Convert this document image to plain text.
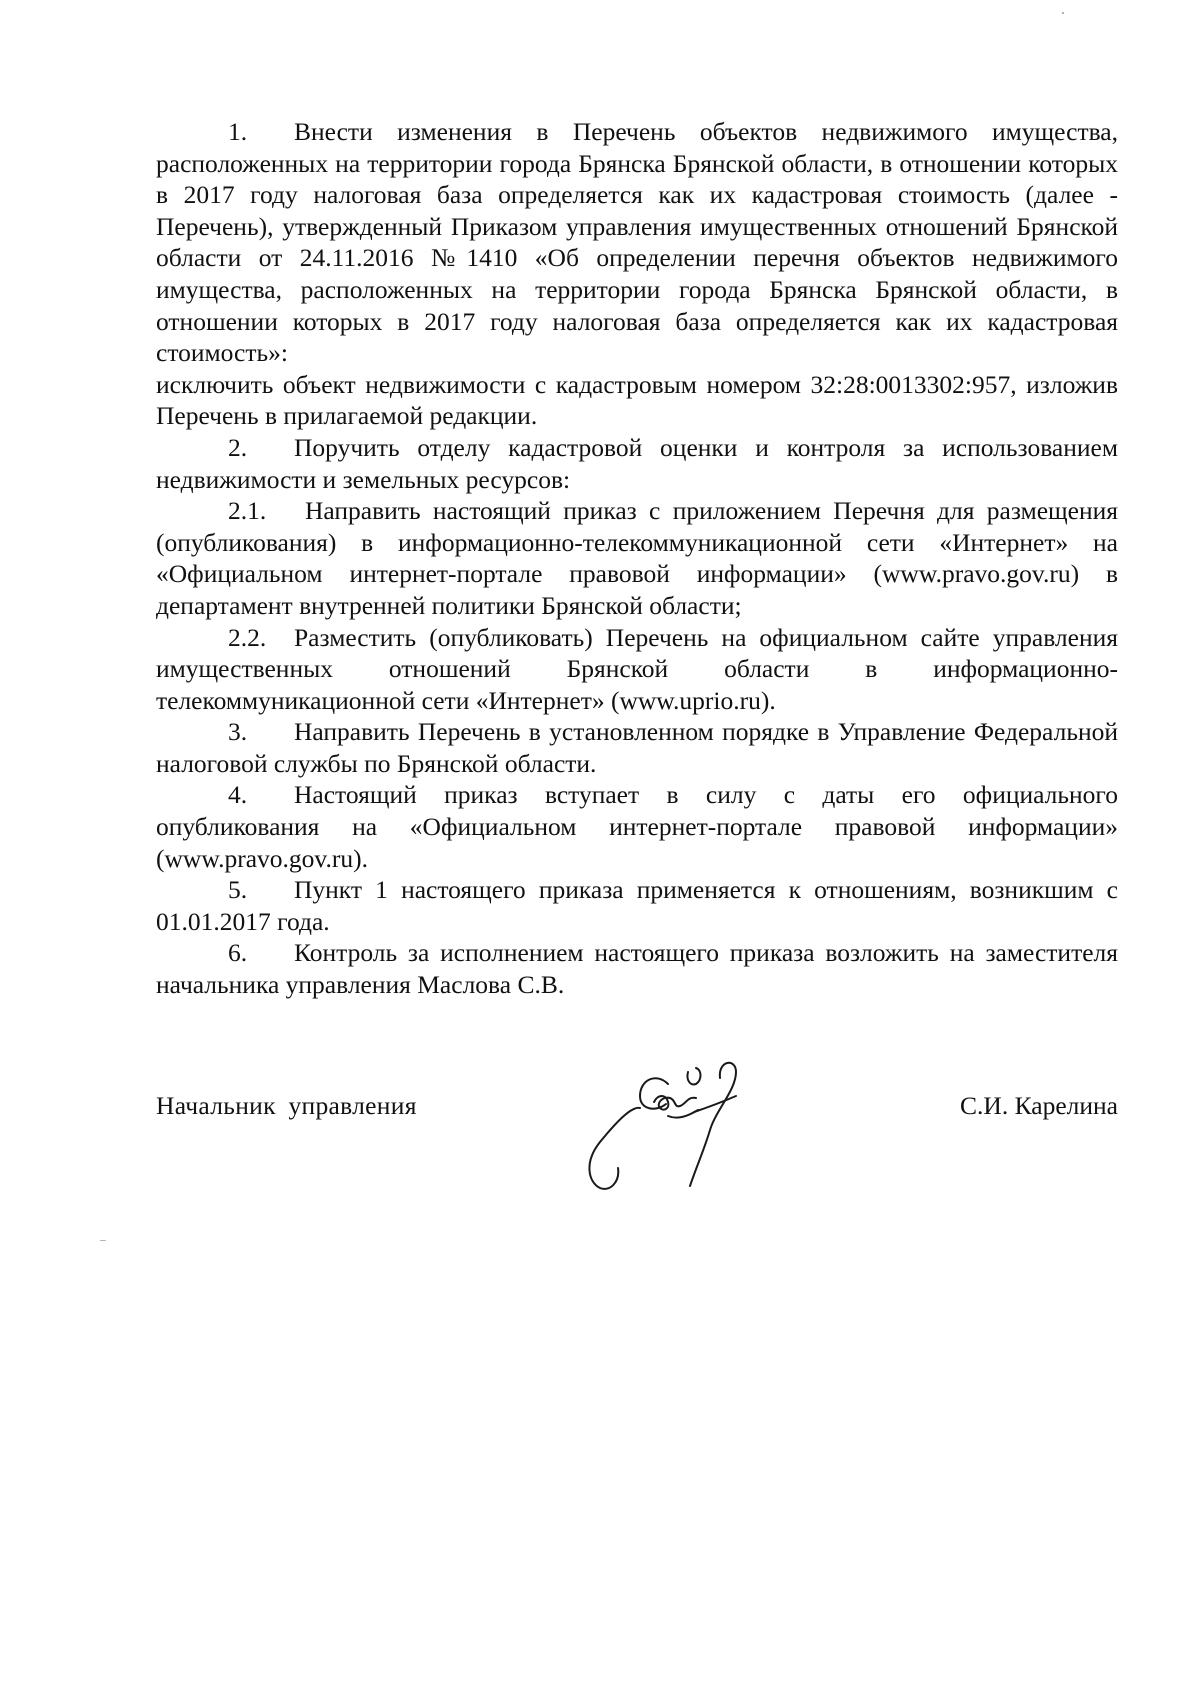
1. Внести изменения в Перечень объектов недвижимого имущества, расположенных на территории города Брянска Брянской области, в отношении которых в 2017 году налоговая база определяется как их кадастровая стоимость (далее - Перечень), утвержденный Приказом управления имущественных отношений Брянской области от 24.11.2016 №1410 «Об определении перечня объектов недвижимого имущества, расположенных на территории города Брянска Брянской области, в отношении которых в 2017 году налоговая база определяется как их кадастровая стоимость»:

исключить объект недвижимости с кадастровым номером 32:28:0013302:957, изложив Перечень в прилагаемой редакции.

2. Поручить отделу кадастровой оценки и контроля за использованием недвижимости и земельных ресурсов:

2.1. Направить настоящий приказ с приложением Перечня для размещения (опубликования) в информационно-телекоммуникационной сети «Интернет» на «Официальном интернет-портале правовой информации» (www.pravo.gov.ru) в департамент внутренней политики Брянской области;

2.2. Разместить (опубликовать) Перечень на официальном сайте управления имущественных отношений Брянской области в информационно-телекоммуникационной сети «Интернет» (www.uprio.ru).

3. Направить Перечень в установленном порядке в Управление Федеральной налоговой службы по Брянской области.

4. Настоящий приказ вступает в силу с даты его официального опубликования на «Официальном интернет-портале правовой информации» (www.pravo.gov.ru).

5. Пункт 1 настоящего приказа применяется к отношениям, возникшим с 01.01.2017 года.

6. Контроль за исполнением настоящего приказа возложить на заместителя начальника управления Маслова С.В.

Начальник управления	С.И. Карелина
